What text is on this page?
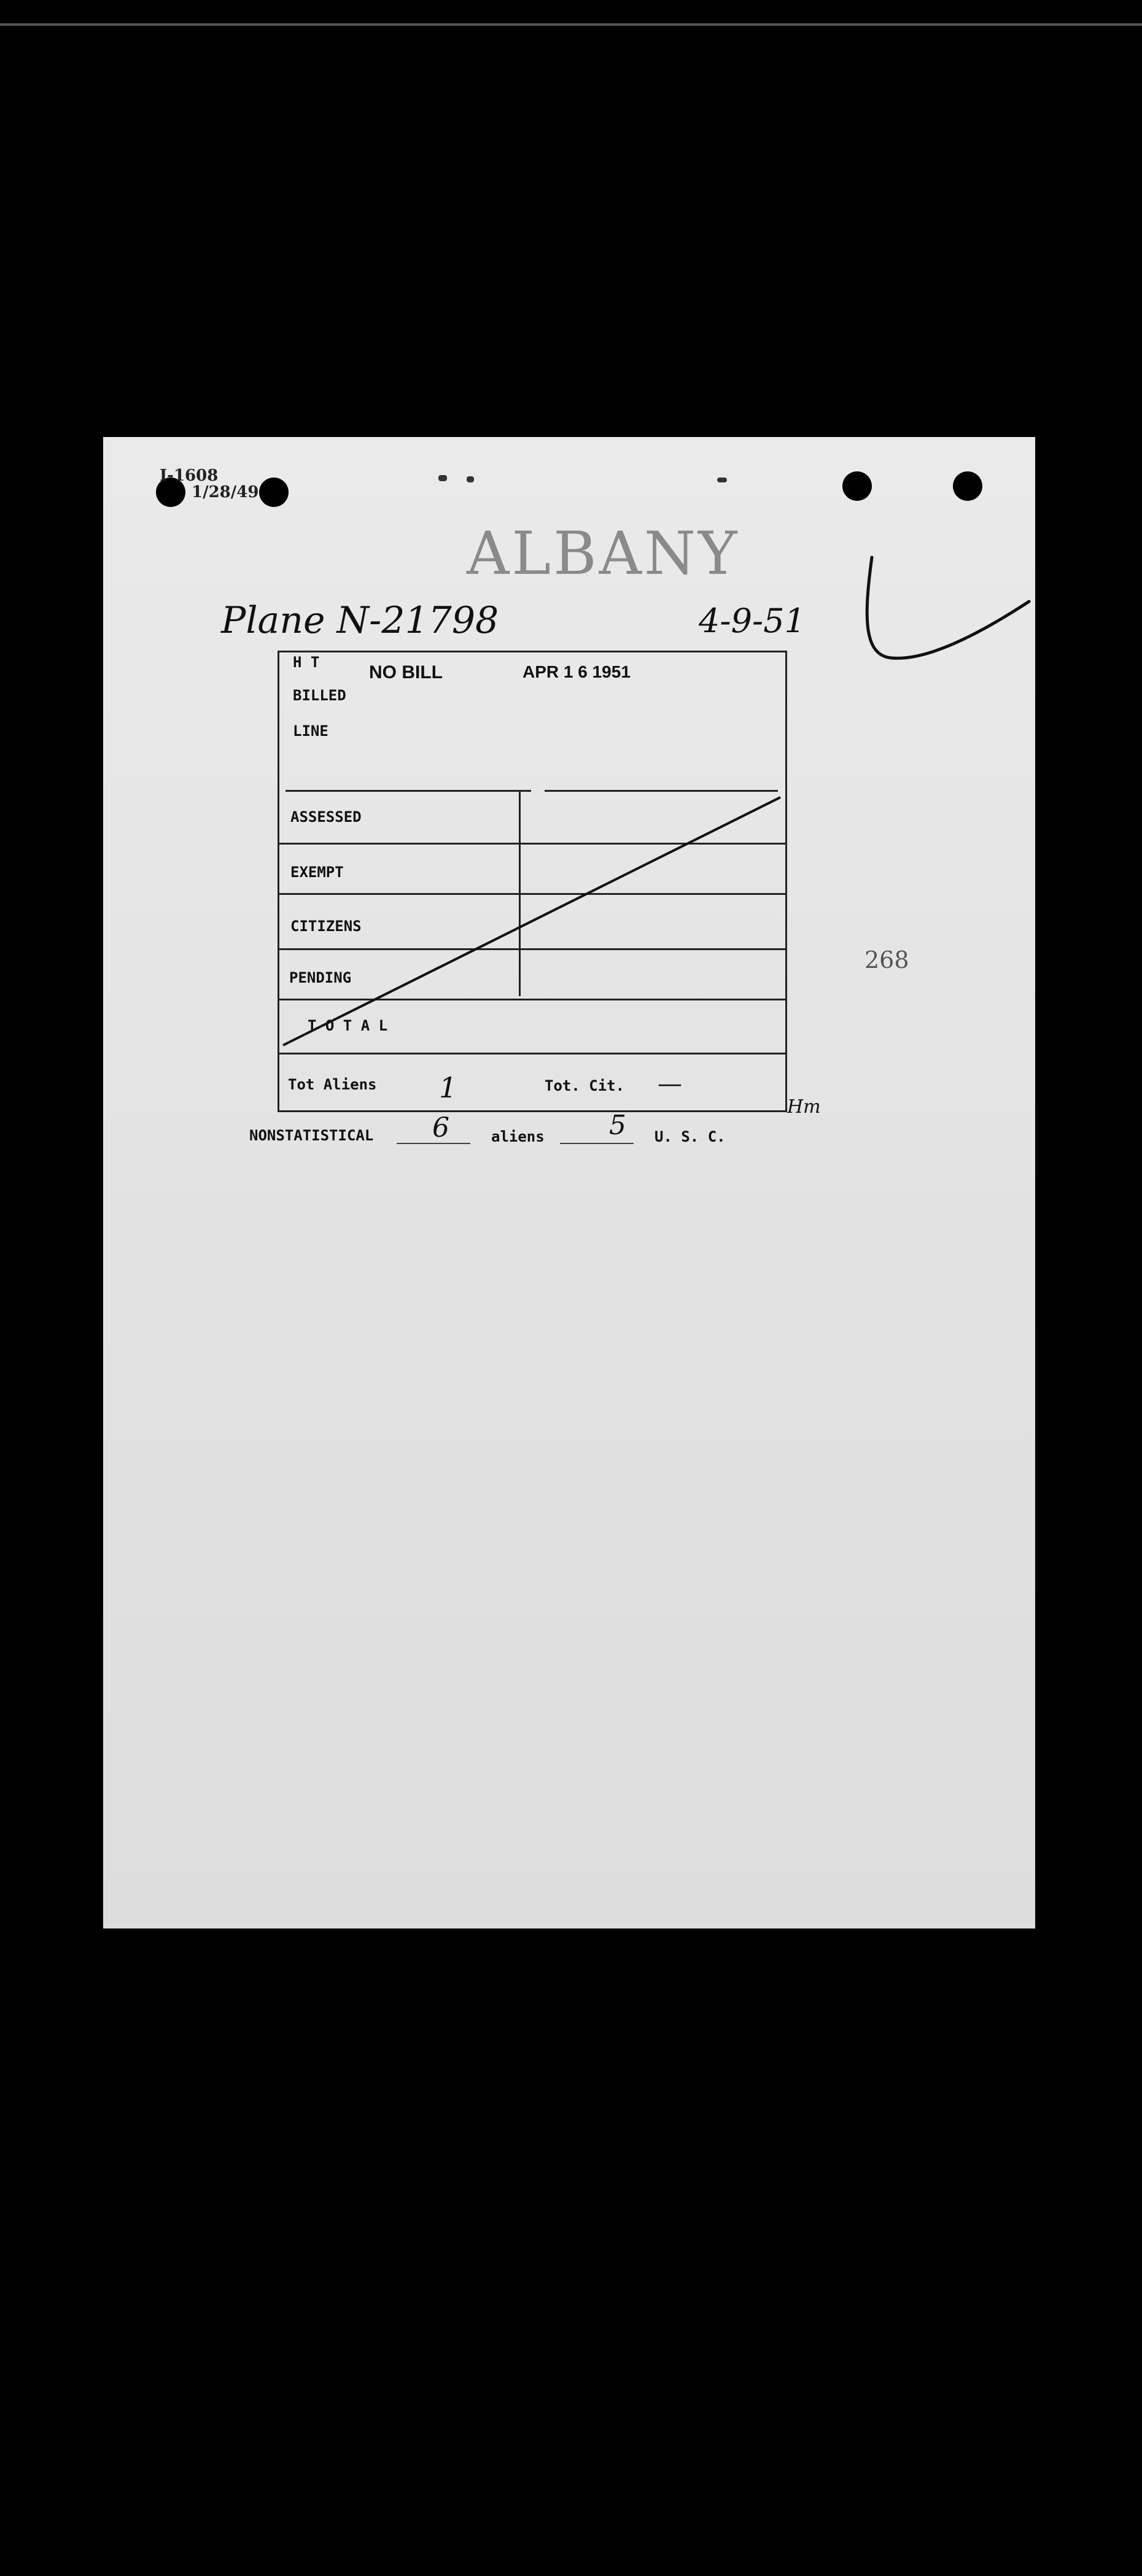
I-1608
1/28/49
ALBANY
Plane N-21798	4-9-51
H T	NO BILL	APR 1 6 1951
BILLED
LINE
ASSESSED
EXEMPT
CITIZENS
PENDING
T O T A L
Tot Aliens 1	Tot. Cit. —
Hm
268
NONSTATISTICAL 6	aliens 5 U. S. C.
